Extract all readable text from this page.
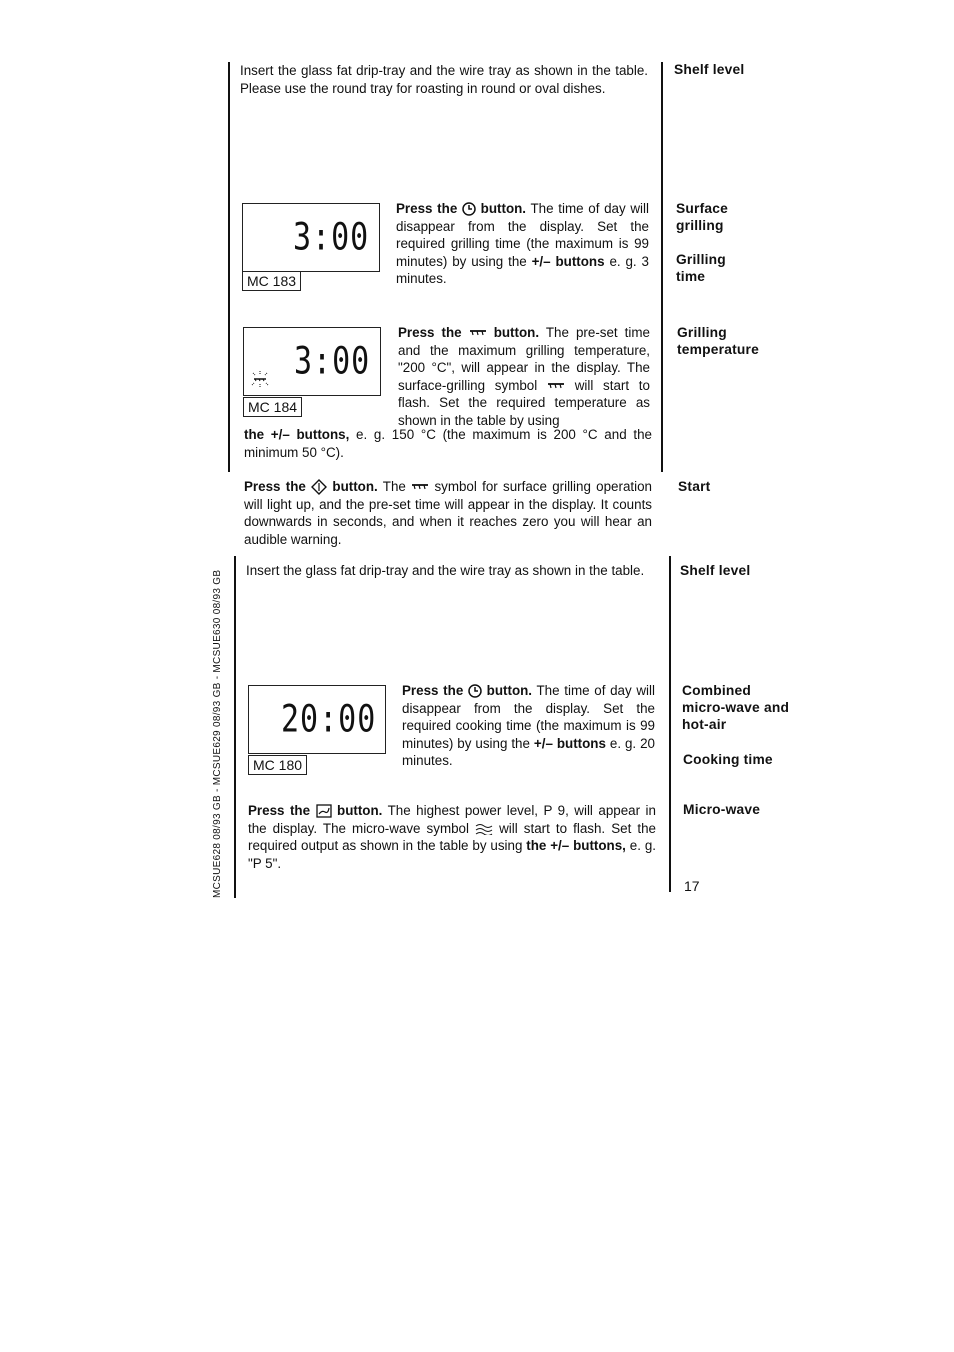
MCSUE628 08/93 GB - MCSUE629 08/93 GB - MCSUE630 08/93 GB
Insert the glass fat drip-tray and the wire tray as shown in the table. Please use the round tray for roasting in round or oval dishes.
3:00
MC 183
Press the button. The time of day will disappear from the display. Set the required grilling time (the maximum is 99 minutes) by using the +/– buttons e. g. 3 minutes.
3:00
MC 184
Press the button. The pre-set time and the maximum grilling temperature, "200 °C", will appear in the display. The surface-grilling symbol	will start to flash. Set the required temperature as shown in the table by using
the +/– buttons, e. g. 150 °C (the maximum is 200 °C and the minimum 50 °C).
Press the button. The symbol for surface grilling operation will light up, and the pre-set time will appear in the display. It counts downwards in seconds, and when it reaches zero you will hear an audible warning.
Insert the glass fat drip-tray and the wire tray as shown in the table.
20:00
MC 180
Press the button. The time of day will disappear from the display. Set the required cooking time (the maximum is 99 minutes) by using the +/– buttons e. g. 20 minutes.
Press the button. The highest power level, P 9, will appear in the display. The micro-wave symbol will start to flash. Set the required output as shown in the table by using the +/– buttons, e. g. "P 5".
Shelf level
Surface grilling
Grilling time
Grilling temperature
Start
Shelf level
Combined micro-wave and hot-air
Cooking time
Micro-wave
17
